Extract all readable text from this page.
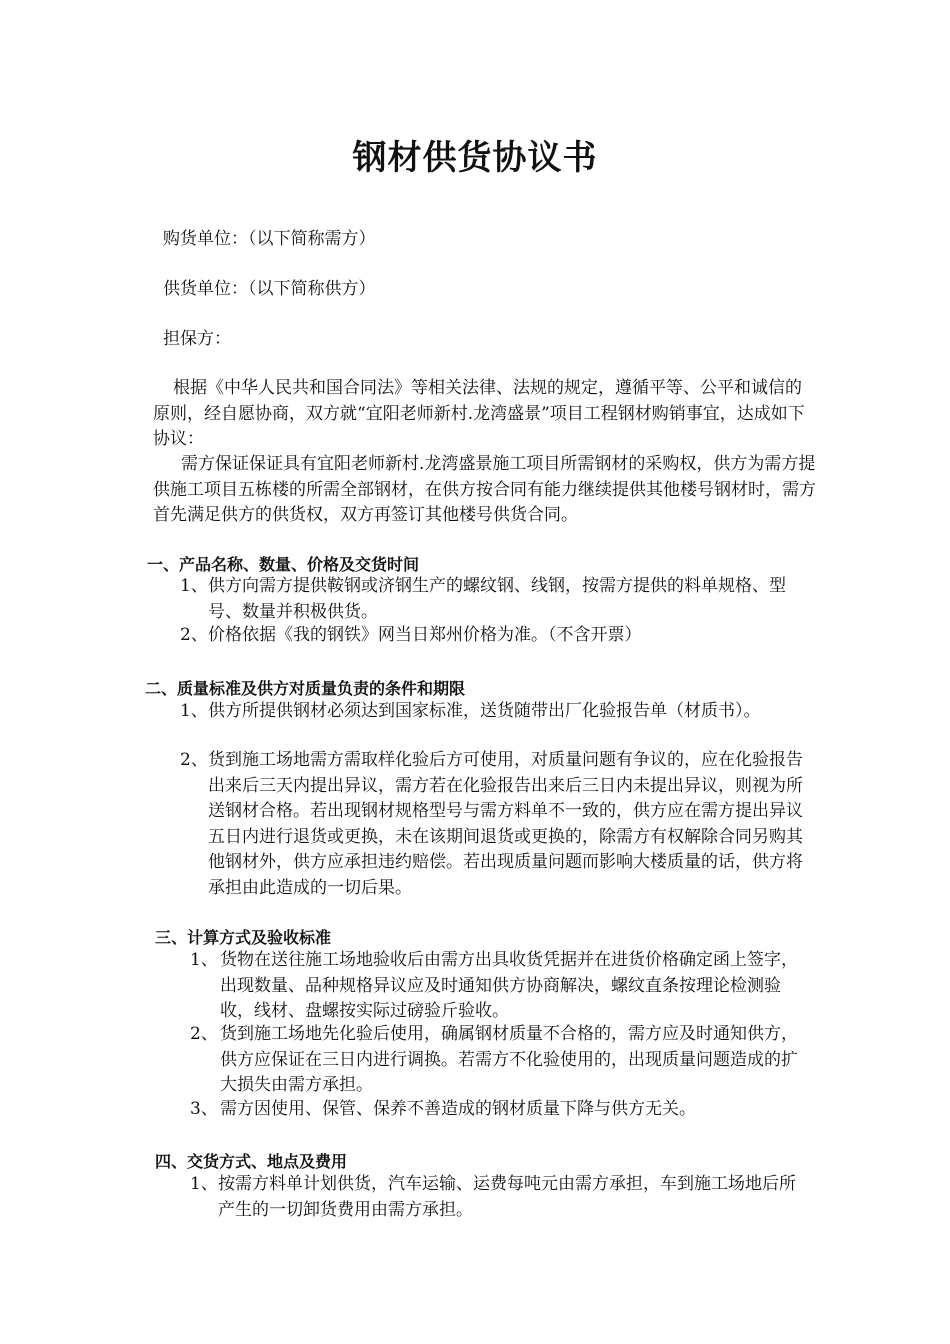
钢材供货协议书
购货单位：（以下简称需方）
供货单位：（以下简称供方）
担保方：
根据《中华人民共和国合同法》等相关法律、法规的规定，遵循平等、公平和诚信的原则，经自愿协商，双方就“宜阳老师新村.龙湾盛景”项目工程钢材购销事宜，达成如下协议：
需方保证保证具有宜阳老师新村.龙湾盛景施工项目所需钢材的采购权，供方为需方提供施工项目五栋楼的所需全部钢材，在供方按合同有能力继续提供其他楼号钢材时，需方首先满足供方的供货权，双方再签订其他楼号供货合同。
一、产品名称、数量、价格及交货时间
1、 供方向需方提供鞍钢或济钢生产的螺纹钢、线钢，按需方提供的料单规格、型号、数量并积极供货。
2、 价格依据《我的钢铁》网当日郑州价格为准。（不含开票）
二、质量标准及供方对质量负责的条件和期限
1、 供方所提供钢材必须达到国家标准，送货随带出厂化验报告单（材质书）。
2、 货到施工场地需方需取样化验后方可使用，对质量问题有争议的，应在化验报告出来后三天内提出异议，需方若在化验报告出来后三日内未提出异议，则视为所送钢材合格。若出现钢材规格型号与需方料单不一致的，供方应在需方提出异议五日内进行退货或更换，未在该期间退货或更换的，除需方有权解除合同另购其他钢材外，供方应承担违约赔偿。若出现质量问题而影响大楼质量的话，供方将承担由此造成的一切后果。
三、计算方式及验收标准
1、 货物在送往施工场地验收后由需方出具收货凭据并在进货价格确定函上签字，出现数量、品种规格异议应及时通知供方协商解决，螺纹直条按理论检测验收，线材、盘螺按实际过磅验斤验收。
2、 货到施工场地先化验后使用，确属钢材质量不合格的，需方应及时通知供方，供方应保证在三日内进行调换。若需方不化验使用的，出现质量问题造成的扩大损失由需方承担。
3、 需方因使用、保管、保养不善造成的钢材质量下降与供方无关。
四、交货方式、地点及费用
1、 按需方料单计划供货，汽车运输、运费每吨元由需方承担，车到施工场地后所产生的一切卸货费用由需方承担。
